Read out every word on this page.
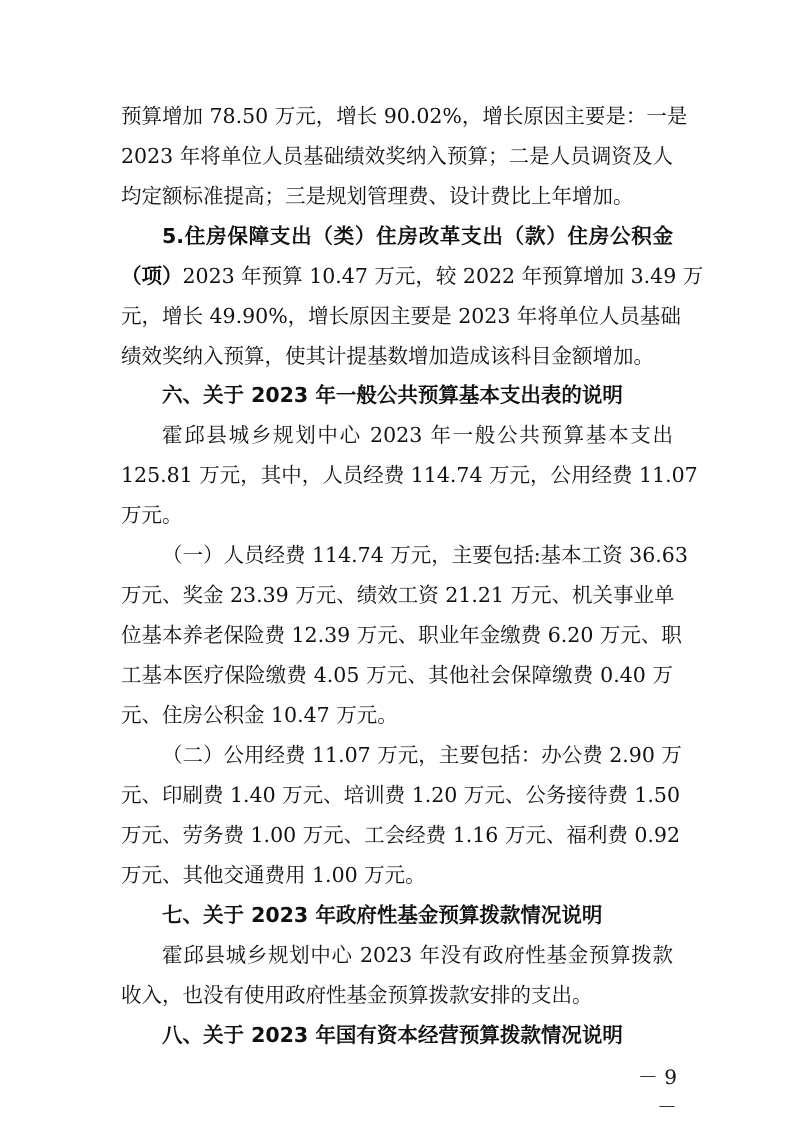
预算增加 78.50 万元，增长 90.02%，增长原因主要是：一是
2023 年将单位人员基础绩效奖纳入预算；二是人员调资及人
均定额标准提高；三是规划管理费、设计费比上年增加。
5.住房保障支出（类）住房改革支出（款）住房公积金
（项）2023 年预算 10.47 万元，较 2022 年预算增加 3.49 万
元，增长 49.90%，增长原因主要是 2023 年将单位人员基础
绩效奖纳入预算，使其计提基数增加造成该科目金额增加。
六、关于 2023 年一般公共预算基本支出表的说明
霍邱县城乡规划中心 2023 年一般公共预算基本支出
125.81 万元，其中，人员经费 114.74 万元，公用经费 11.07
万元。
（一）人员经费 114.74 万元，主要包括:基本工资 36.63
万元、奖金 23.39 万元、绩效工资 21.21 万元、机关事业单
位基本养老保险费 12.39 万元、职业年金缴费 6.20 万元、职
工基本医疗保险缴费 4.05 万元、其他社会保障缴费 0.40 万
元、住房公积金 10.47 万元。
（二）公用经费 11.07 万元，主要包括：办公费 2.90 万
元、印刷费 1.40 万元、培训费 1.20 万元、公务接待费 1.50
万元、劳务费 1.00 万元、工会经费 1.16 万元、福利费 0.92
万元、其他交通费用 1.00 万元。
七、关于 2023 年政府性基金预算拨款情况说明
霍邱县城乡规划中心 2023 年没有政府性基金预算拨款
收入，也没有使用政府性基金预算拨款安排的支出。
八、关于 2023 年国有资本经营预算拨款情况说明
－ 9 －
